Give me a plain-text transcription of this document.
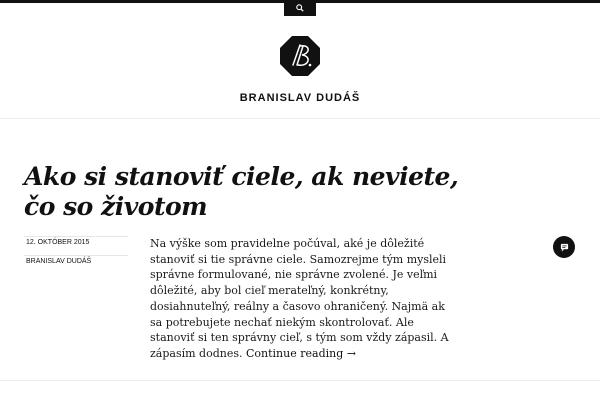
BRANISLAV DUDÁŠ
Ako si stanoviť ciele, ak neviete, čo so životom
12. OKTÓBER 2015
BRANISLAV DUDÁŠ
Na výške som pravidelne počúval, aké je dôležité stanoviť si tie správne ciele. Samozrejme tým mysleli správne formulované, nie správne zvolené. Je veľmi dôležité, aby bol cieľ merateľný, konkrétny, dosiahnuteľný, reálny a časovo ohraničený. Najmä ak sa potrebujete nechať niekým skontrolovať. Ale stanoviť si ten správny cieľ, s tým som vždy zápasil. A zápasím dodnes. Continue reading →
